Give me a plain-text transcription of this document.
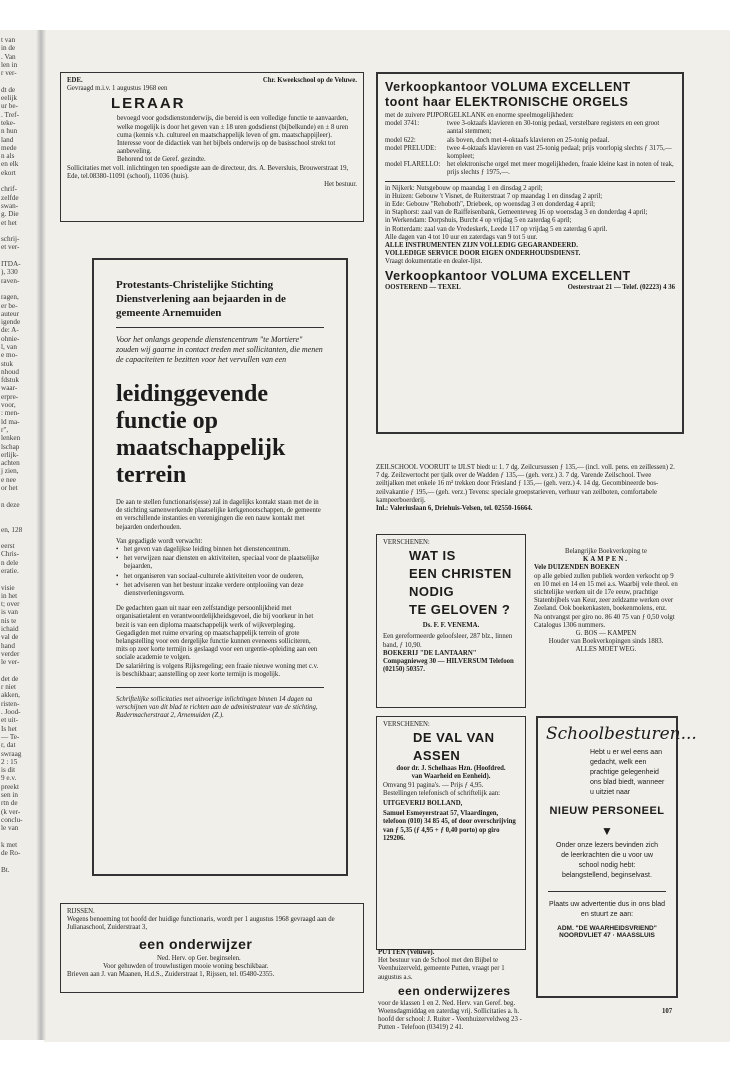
t van
in de
. Van
len in
r ver-

dt de
eelijk
ur be-
. Tref-
teke-
n hun
land
mede
n als
en elk
ekort

chrif-
zelfde
swan-
g. Die
et het

schrij-
et ver-

ITDA-
), 330
raven-

ragen,
er be-
auteur
igende
de: A-
ohnie-
l, van
e mo-
stuk
nhoud
fdstuk
waar-
erpre-
voor,
: men-
ld ma-
r",
lenken
lschap
erlijk-
achten
j zien,
e nee
or het

n deze

en, 128

eerst
Chris-
n dele
eratie.

visie
in het
t; over
is van
nis te
ichaid
val de
hand
verder
le ver-

det de
r niet
akken,
risten-
. Jood-
et uit-
Is het
— Te-
r, dat
swraag
2 : 15
is dit
9 e.v.
preekt
sen in
rtn de
(k ver-
conclu-
le van

k met
de Ro-

Bt.
EDE.	Chr. Kweekschool op de Veluwe.
Gevraagd m.i.v. 1 augustus 1968 een
LERAAR
bevoegd voor godsdienstonderwijs, die bereid is een volledige functie te aanvaarden, welke mogelijk is door het geven van ± 18 uren godsdienst (bijbelkunde) en ± 8 uren cuma (kennis v.h. cultureel en maatschappelijk leven of gm. maatschappijleer).
Interesse voor de didactiek van het bijbels onderwijs op de basisschool strekt tot aanbeveling.
Behorend tot de Geref. gezindte.
Sollicitaties met voll. inlichtingen ten spoedigste aan de directeur, drs. A. Beversluis, Brouwerstraat 19, Ede, tel.08380-11091 (school), 11036 (huis).
Het bestuur.
Protestants-Christelijke Stichting Dienstverlening aan bejaarden in de gemeente Arnemuiden
Voor het onlangs geopende dienstencentrum "te Mortiere" zouden wij gaarne in contact treden met sollicitanten, die menen de capaciteiten te bezitten voor het vervullen van een
leidinggevende functie op maatschappelijk terrein
De aan te stellen functionaris(esse) zal in dagelijks kontakt staan met de in de stichting samenwerkende plaatselijke kerkgenootschappen, de gemeente en verschillende instanties en verenigingen die een nauw kontakt met bejaarden onderhouden.
Van gegadigde wordt verwacht:
• het geven van dagelijkse leiding binnen het dienstencentrum.
• het verwijzen naar diensten en aktiviteiten, speciaal voor de plaatselijke bejaarden,
• het organiseren van sociaal-culturele aktiviteiten voor de ouderen,
• het adviseren van het bestuur inzake verdere ontplooiing van deze dienstverleningsvorm.
De gedachten gaan uit naar een zelfstandige persoonlijkheid met organisatietalent en verantwoordelijkheidsgevoel, die bij voorkeur in het bezit is van een diploma maatschappelijk werk of wijkverpleging. Gegadigden met ruime ervaring op maatschappelijk terrein of grote belangstelling voor een dergelijke functie kunnen eveneens solliciteren, mits op zeer korte termijn is geslaagd voor een urgentie-opleiding aan een sociale academie te volgen.
De salariëring is volgens Rijksregeling; een fraaie nieuwe woning met c.v. is beschikbaar; aanstelling op zeer korte termijn is mogelijk.
Schriftelijke sollicitaties met uitvoerige inlichtingen binnen 14 dagen na verschijnen van dit blad te richten aan de administrateur van de stichting, Radermacherstraat 2, Arnemuiden (Z.).
RIJSSEN.
Wegens benoeming tot hoofd der huidige functionaris, wordt per 1 augustus 1968 gevraagd aan de Julianaschool, Zuiderstraat 3,
een onderwijzer
Ned. Herv. op Ger. beginselen.
Voor gehuwden of trouwlustigen mooie woning beschikbaar.
Brieven aan J. van Maanen, H.d.S., Zuiderstraat 1, Rijssen, tel. 05480-2355.
Verkoopkantoor VOLUMA EXCELLENT
toont haar ELEKTRONISCHE ORGELS
met de zuivere PIJPORGELKLANK en enorme speelmogelijkheden:
model 3741:	twee 3-oktaafs klavieren en 30-tonig pedaal, verstelbare registers en een groot aantal stemmen;
model 622:	als boven, doch met 4-oktaafs klavieren en 25-tonig pedaal.
model PRELUDE:	twee 4-oktaafs klavieren en vast 25-tonig pedaal; prijs voorlopig slechts ƒ 3175,— kompleet;
model FLARELLO: het elektronische orgel met meer mogelijkheden, fraaie kleine kast in noten of teak, prijs slechts ƒ 1975,—.
in Nijkerk: Nutsgebouw op maandag 1 en dinsdag 2 april;
in Huizen: Gebouw 't Visnet, de Ruiterstraat 7 op maandag 1 en dinsdag 2 april;
in Ede: Gebouw "Rehoboth", Driebeek, op woensdag 3 en donderdag 4 april;
in Staphorst: zaal van de Raiffeisenbank, Gemeenteweg 16 op woensdag 3 en donderdag 4 april;
in Werkendam: Dorpshuis, Burcht 4 op vrijdag 5 en zaterdag 6 april;
in Rotterdam: zaal van de Vredeskerk, Leede 117 op vrijdag 5 en zaterdag 6 april.
Alle dagen van 4 tot 10 uur en zaterdags van 9 tot 5 uur.
ALLE INSTRUMENTEN ZIJN VOLLEDIG GEGARANDEERD.
VOLLEDIGE SERVICE DOOR EIGEN ONDERHOUDSDIENST.
Vraagt dokumentatie en dealer-lijst.
Verkoopkantoor VOLUMA EXCELLENT
OOSTEREND — TEXEL	Oesterstraat 21 — Telef. (02223) 4 36
ZEILSCHOOL VOORUIT te IJLST biedt u: 1. 7 dg. Zeilcursussen ƒ 135,— (incl. voll. pens. en zeillessen) 2. 7 dg. Zeilzwertocht per tjalk over de Wadden ƒ 135,— (geh. verz.) 3. 7 dg. Varende Zeilschool. Twee zeiltjalken met enkele 16 m² trekken door Friesland ƒ 135,— (geh. verz.) 4. 14 dg. Gecombineerde bos-zeilvakantie ƒ 195,— (geh. verz.) Tevens: speciale groepstarieven, verhuur van zeilboten, comfortabele kampeerboerderij.
Inl.: Valeriuslaan 6, Driehuis-Velsen, tel. 02550-16664.
VERSCHENEN:
WAT IS
EEN CHRISTEN
NODIG
TE GELOVEN ?
Ds. F. F. VENEMA.
Een gereformeerde geloofsleer, 287 blz., linnen band, ƒ 10,90.
BOEKERIJ "DE LANTAARN" Compagnieweg 30 — HILVERSUM Telefoon (02150) 50357.
Belangrijke Boekverkoping te
KAMPEN.
Vele DUIZENDEN BOEKEN
op alle gebied zullen publiek worden verkocht op 9 en 10 mei en 14 en 15 mei a.s. Waarbij vele theol. en stichtelijke werken uit de 17e eeuw, prachtige Statenbijbels van Keur, zeer zeldzame werken over Zeeland. Ook boekenkasten, boekenmolens, enz.
Na ontvangst per giro no. 86 40 75 van ƒ 0,50 volgt Catalogus 1306 nummers.
G. BOS — KAMPEN
Houder van Boekverkopingen sinds 1883.
ALLES MOET WEG.
VERSCHENEN:
DE VAL VAN
ASSEN
door dr. J. Schelhaas Hzn. (Hoofdred. van Waarheid en Eenheid).
Omvang 91 pagina's. — Prijs ƒ 4,95. Bestellingen telefonisch of schriftelijk aan:
UITGEVERIJ BOLLAND,
Samuel Esmeyerstraat 57, Vlaardingen, telefoon (010) 34 85 45, of door overschrijving van ƒ 5,35 (ƒ 4,95 + ƒ 0,40 porto) op giro 129206.
PUTTEN (Veluwe).
Het bestuur van de School met den Bijbel te Veenhuizerveld, gemeente Putten, vraagt per 1 augustus a.s.
een onderwijzeres
voor de klassen 1 en 2. Ned. Herv. van Geref. beg. Woensdagmiddag en zaterdag vrij. Sollicitaties a. h. hoofd der school: J. Ruiter - Veenhuizerveldweg 23 - Putten - Telefoon (03419) 2 41.
Schoolbesturen...
Hebt u er wel eens aan gedacht, welk een prachtige gelegenheid ons blad biedt, wanneer u uitziet naar
NIEUW PERSONEEL
▼
Onder onze lezers bevinden zich de leerkrachten die u voor uw school nodig hebt: belangstellend, beginselvast.
Plaats uw advertentie dus in ons blad en stuurt ze aan:
ADM. "DE WAARHEIDSVRIEND"
NOORDVLIET 47 · MAASSLUIS
107
